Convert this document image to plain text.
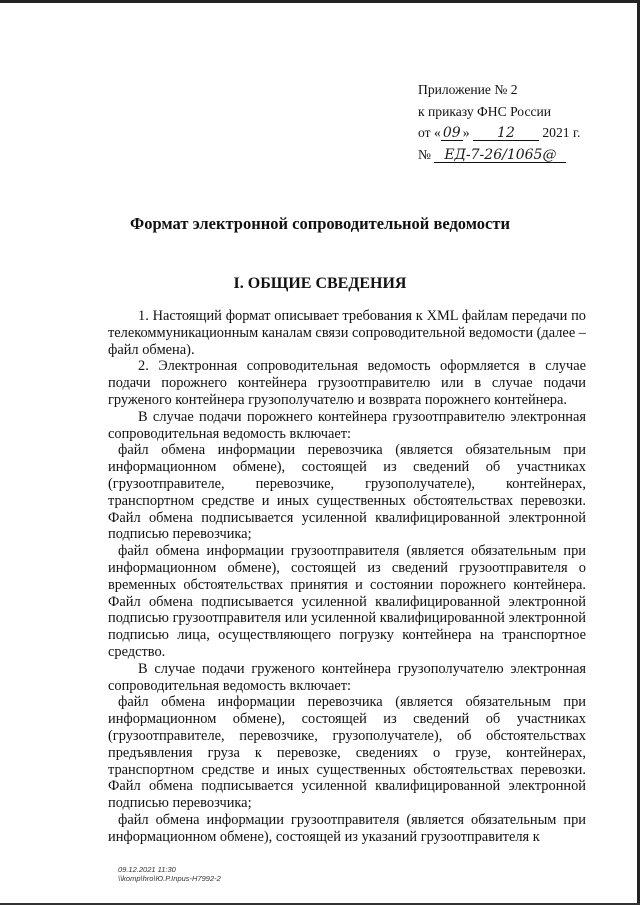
Приложение № 2
к приказу ФНС России
от « 09 » 12 2021 г.
№ ЕД-7-26/1065@
Формат электронной сопроводительной ведомости
I. ОБЩИЕ СВЕДЕНИЯ

1. Настоящий формат описывает требования к XML файлам передачи по телекоммуникационным каналам связи сопроводительной ведомости (далее – файл обмена).

2. Электронная сопроводительная ведомость оформляется в случае подачи порожнего контейнера грузоотправителю или в случае подачи груженого контейнера грузополучателю и возврата порожнего контейнера.

В случае подачи порожнего контейнера грузоотправителю электронная сопроводительная ведомость включает:

файл обмена информации перевозчика (является обязательным при информационном обмене), состоящей из сведений об участниках (грузоотправителе, перевозчике, грузополучателе), контейнерах, транспортном средстве и иных существенных обстоятельствах перевозки. Файл обмена подписывается усиленной квалифицированной электронной подписью перевозчика;

файл обмена информации грузоотправителя (является обязательным при информационном обмене), состоящей из сведений грузоотправителя о временных обстоятельствах принятия и состоянии порожнего контейнера. Файл обмена подписывается усиленной квалифицированной электронной подписью грузоотправителя или усиленной квалифицированной электронной подписью лица, осуществляющего погрузку контейнера на транспортное средство.

В случае подачи груженого контейнера грузополучателю электронная сопроводительная ведомость включает:

файл обмена информации перевозчика (является обязательным при информационном обмене), состоящей из сведений об участниках (грузоотправителе, перевозчике, грузополучателе), об обстоятельствах предъявления груза к перевозке, сведениях о грузе, контейнерах, транспортном средстве и иных существенных обстоятельствах перевозки. Файл обмена подписывается усиленной квалифицированной электронной подписью перевозчика;

файл обмена информации грузоотправителя (является обязательным при информационном обмене), состоящей из указаний грузоотправителя к

09.12.2021 11:30
\\komp\hro\Ю.Р.Inpus-H7992-2
